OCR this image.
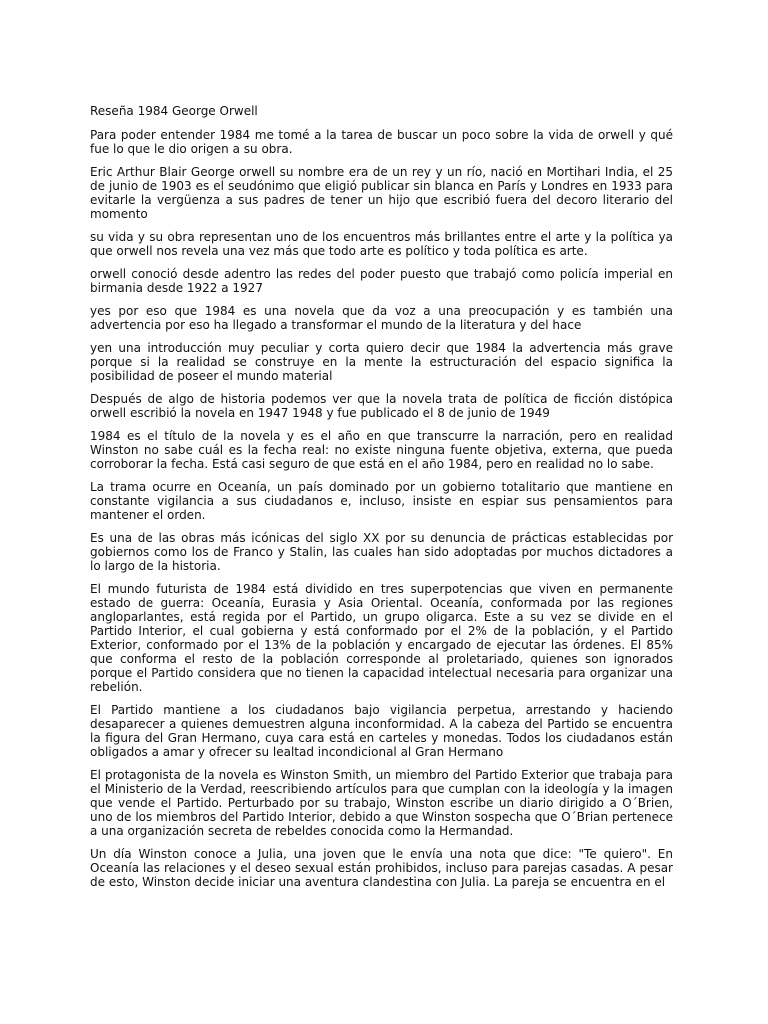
Reseña 1984 George Orwell

Para poder entender 1984 me tomé a la tarea de buscar un poco sobre la vida de orwell y qué fue lo que le dio origen a su obra.

Eric Arthur Blair George orwell su nombre era de un rey y un río, nació en Mortihari India, el 25 de junio de 1903 es el seudónimo que eligió publicar sin blanca en París y Londres en 1933 para evitarle la vergüenza a sus padres de tener un hijo que escribió fuera del decoro literario del momento

su vida y su obra representan uno de los encuentros más brillantes entre el arte y la política ya que orwell nos revela una vez más que todo arte es político y toda política es arte.

orwell conoció desde adentro las redes del poder puesto que trabajó como policía imperial en birmania desde 1922 a 1927

yes por eso que 1984 es una novela que da voz a una preocupación y es también una advertencia por eso ha llegado a transformar el mundo de la literatura y del hace

yen una introducción muy peculiar y corta quiero decir que 1984 la advertencia más grave porque si la realidad se construye en la mente la estructuración del espacio significa la posibilidad de poseer el mundo material

Después de algo de historia podemos ver que la novela trata de política de ficción distópica orwell escribió la novela en 1947 1948 y fue publicado el 8 de junio de 1949

1984 es el título de la novela y es el año en que transcurre la narración, pero en realidad Winston no sabe cuál es la fecha real: no existe ninguna fuente objetiva, externa, que pueda corroborar la fecha. Está casi seguro de que está en el año 1984, pero en realidad no lo sabe.

La trama ocurre en Oceanía, un país dominado por un gobierno totalitario que mantiene en constante vigilancia a sus ciudadanos e, incluso, insiste en espiar sus pensamientos para mantener el orden.

Es una de las obras más icónicas del siglo XX por su denuncia de prácticas establecidas por gobiernos como los de Franco y Stalin, las cuales han sido adoptadas por muchos dictadores a lo largo de la historia.

El mundo futurista de 1984 está dividido en tres superpotencias que viven en permanente estado de guerra: Oceanía, Eurasia y Asia Oriental. Oceanía, conformada por las regiones angloparlantes, está regida por el Partido, un grupo oligarca. Este a su vez se divide en el Partido Interior, el cual gobierna y está conformado por el 2% de la población, y el Partido Exterior, conformado por el 13% de la población y encargado de ejecutar las órdenes. El 85% que conforma el resto de la población corresponde al proletariado, quienes son ignorados porque el Partido considera que no tienen la capacidad intelectual necesaria para organizar una rebelión.

El Partido mantiene a los ciudadanos bajo vigilancia perpetua, arrestando y haciendo desaparecer a quienes demuestren alguna inconformidad. A la cabeza del Partido se encuentra la figura del Gran Hermano, cuya cara está en carteles y monedas. Todos los ciudadanos están obligados a amar y ofrecer su lealtad incondicional al Gran Hermano

El protagonista de la novela es Winston Smith, un miembro del Partido Exterior que trabaja para el Ministerio de la Verdad, reescribiendo artículos para que cumplan con la ideología y la imagen que vende el Partido. Perturbado por su trabajo, Winston escribe un diario dirigido a O´Brien, uno de los miembros del Partido Interior, debido a que Winston sospecha que O´Brian pertenece a una organización secreta de rebeldes conocida como la Hermandad.

Un día Winston conoce a Julia, una joven que le envía una nota que dice: "Te quiero". En Oceanía las relaciones y el deseo sexual están prohibidos, incluso para parejas casadas. A pesar de esto, Winston decide iniciar una aventura clandestina con Julia. La pareja se encuentra en el
